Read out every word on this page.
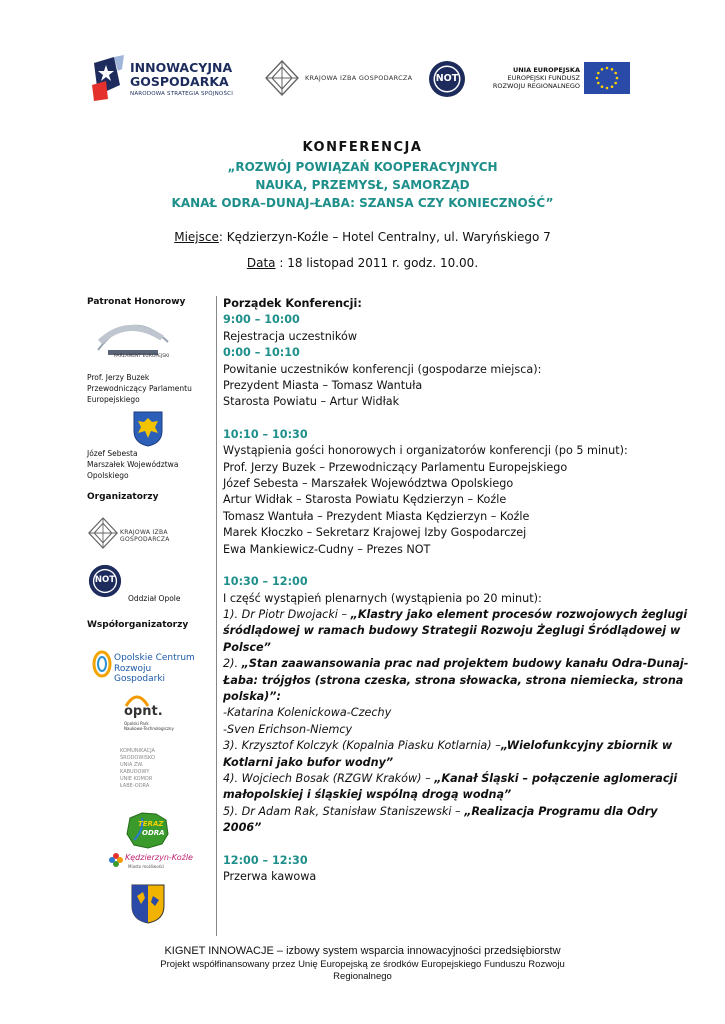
INNOWACYJNA
GOSPODARKA
NARODOWA STRATEGIA SPÓJNOŚCI
KRAJOWA IZBA GOSPODARCZA	NOT
UNIA EUROPEJSKA
EUROPEJSKI FUNDUSZ
ROZWOJU REGIONALNEGO
KONFERENCJA
„ROZWÓJ POWIĄZAŃ KOOPERACYJNYCH
NAUKA, PRZEMYSŁ, SAMORZĄD
KANAŁ ODRA–DUNAJ-ŁABA: SZANSA CZY KONIECZNOŚĆ”
Miejsce: Kędzierzyn-Koźle – Hotel Centralny, ul. Waryńskiego 7
Data : 18 listopad 2011 r. godz. 10.00.
Patronat Honorowy
PARLAMENT EUROPEJSKI
Prof. Jerzy Buzek
Przewodniczący Parlamentu
Europejskiego
Józef Sebesta
Marszałek Województwa
Opolskiego
Organizatorzy
KRAJOWA IZBA GOSPODARCZA
NOT
Oddział Opole
Współorganizatorzy
Opolskie Centrum
Rozwoju Gospodarki
opnt.
Opolski Park
Naukowo-Technologiczny
KOMUNIKACJA
ŚRODOWISKO
UNIA ZW.
KABUDOWY
UNIE KOMOR
ŁABE-ODRA
TERAZ
ODRA
Kędzierzyn-Koźle
Miasto możliwości
Porządek Konferencji:
9:00 – 10:00
Rejestracja uczestników
0:00 – 10:10
Powitanie uczestników konferencji (gospodarze miejsca):
Prezydent Miasta – Tomasz Wantuła
Starosta Powiatu – Artur Widłak
10:10 – 10:30
Wystąpienia gości honorowych i organizatorów konferencji (po 5 minut):
Prof. Jerzy Buzek – Przewodniczący Parlamentu Europejskiego
Józef Sebesta – Marszałek Województwa Opolskiego
Artur Widłak – Starosta Powiatu Kędzierzyn – Koźle
Tomasz Wantuła – Prezydent Miasta Kędzierzyn – Koźle
Marek Kłoczko – Sekretarz Krajowej Izby Gospodarczej
Ewa Mankiewicz-Cudny – Prezes NOT
10:30 – 12:00
I część wystąpień plenarnych (wystąpienia po 20 minut):
1). Dr Piotr Dwojacki – „Klastry jako element procesów rozwojowych żeglugi
śródlądowej w ramach budowy Strategii Rozwoju Żeglugi Śródlądowej w
Polsce”
2). „Stan zaawansowania prac nad projektem budowy kanału Odra-Dunaj-
Łaba: trójgłos (strona czeska, strona słowacka, strona niemiecka, strona
polska)”:
-Katarina Kolenickowa-Czechy
-Sven Erichson-Niemcy
3). Krzysztof Kolczyk (Kopalnia Piasku Kotlarnia) –„Wielofunkcyjny zbiornik w
Kotlarni jako bufor wodny”
4). Wojciech Bosak (RZGW Kraków) – „Kanał Śląski – połączenie aglomeracji
małopolskiej i śląskiej wspólną drogą wodną”
5). Dr Adam Rak, Stanisław Staniszewski – „Realizacja Programu dla Odry 2006”
12:00 – 12:30
Przerwa kawowa
KIGNET INNOWACJE – izbowy system wsparcia innowacyjności przedsiębiorstw
Projekt współfinansowany przez Unię Europejską ze środków Europejskiego Funduszu Rozwoju
Regionalnego
